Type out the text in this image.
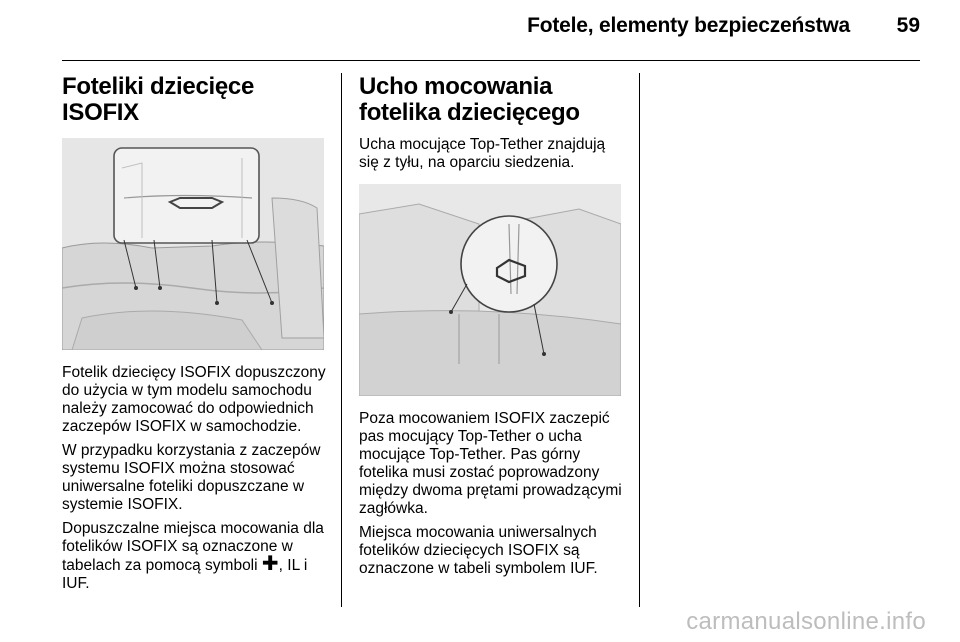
Fotele, elementy bezpieczeństwa 59
Foteliki dziecięce ISOFIX

Fotelik dziecięcy ISOFIX dopuszczony do użycia w tym modelu samochodu należy zamocować do odpowiednich zaczepów ISOFIX w samochodzie.

W przypadku korzystania z zaczepów systemu ISOFIX można stosować uniwersalne foteliki dopuszczane w systemie ISOFIX.

Dopuszczalne miejsca mocowania dla fotelików ISOFIX są oznaczone w tabelach za pomocą symboli ✚, IL i IUF.

Ucho mocowania fotelika dziecięcego

Ucha mocujące Top-Tether znajdują się z tyłu, na oparciu siedzenia.

Poza mocowaniem ISOFIX zaczepić pas mocujący Top-Tether o ucha mocujące Top-Tether. Pas górny fotelika musi zostać poprowadzony między dwoma prętami prowadzącymi zagłówka.

Miejsca mocowania uniwersalnych fotelików dziecięcych ISOFIX są oznaczone w tabeli symbolem IUF.

carmanualsonline.info
